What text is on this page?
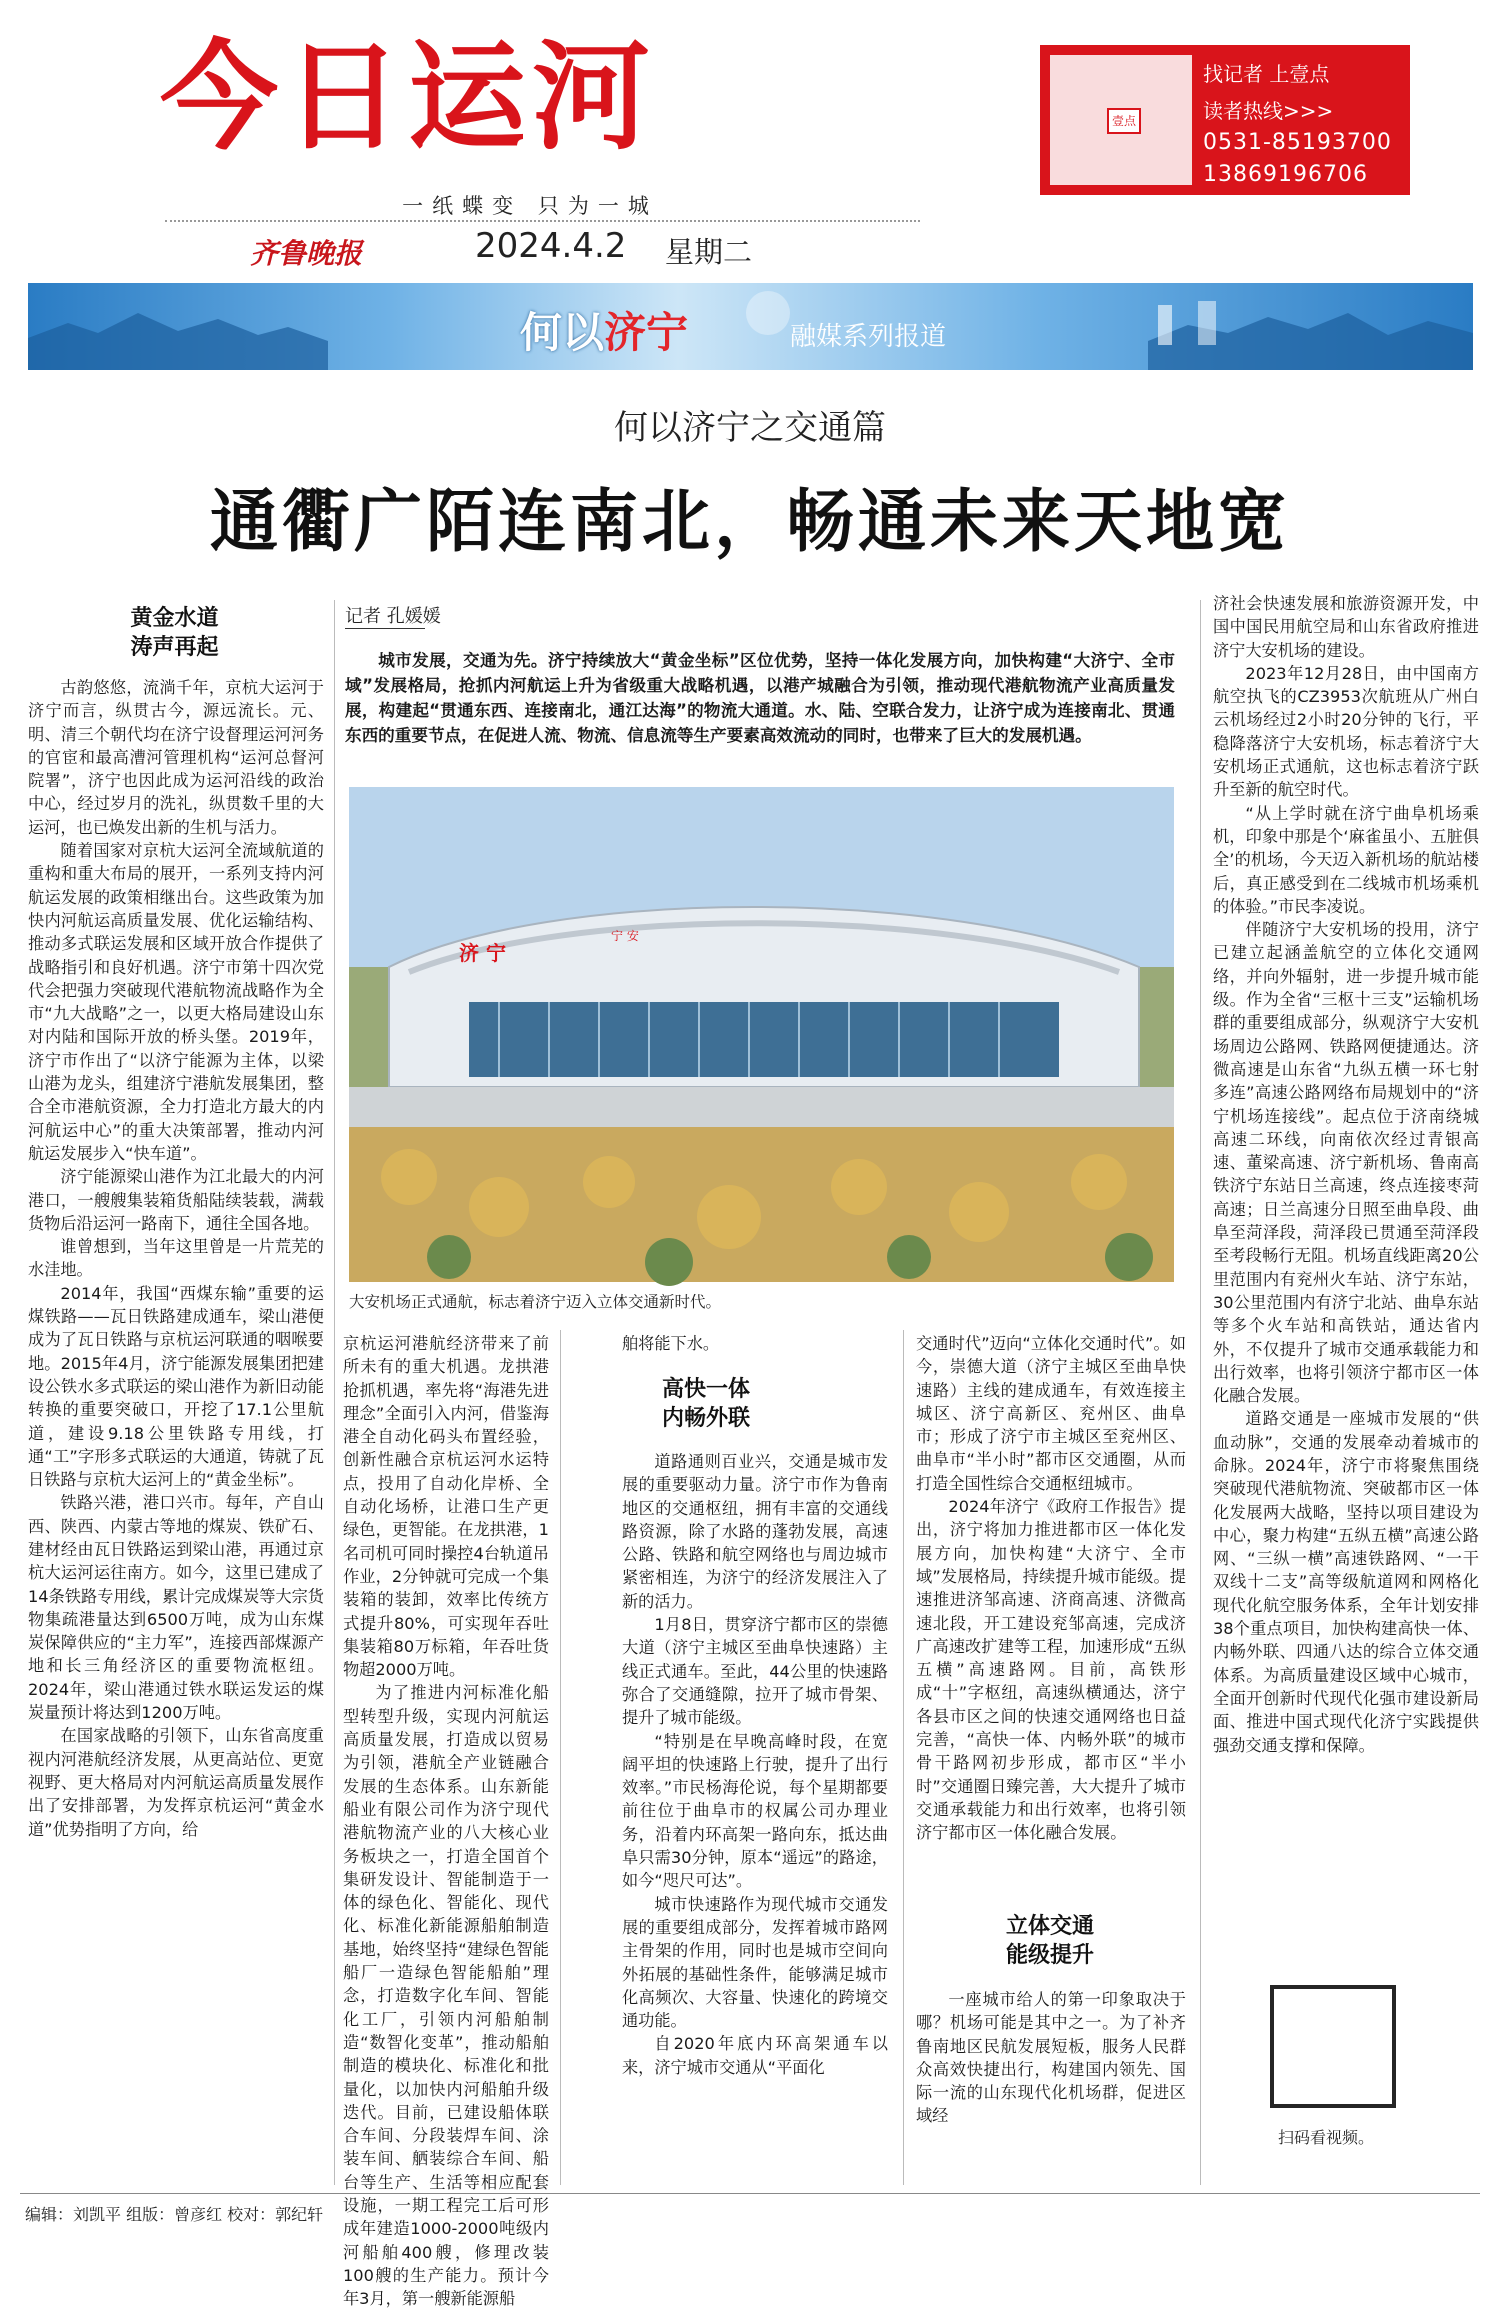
今日运河
一纸蝶变 只为一城
齐鲁晚报	2024.4.2 星期二
壹点
找记者 上壹点
读者热线>>>
0531-85193700
13869196706
何以济宁	融媒系列报道
何以济宁之交通篇
通衢广陌连南北，畅通未来天地宽
黄金水道
涛声再起

古韵悠悠，流淌千年，京杭大运河于济宁而言，纵贯古今，源远流长。元、明、清三个朝代均在济宁设督理运河河务的官宦和最高漕河管理机构“运河总督河院署”，济宁也因此成为运河沿线的政治中心，经过岁月的洗礼，纵贯数千里的大运河，也已焕发出新的生机与活力。

随着国家对京杭大运河全流域航道的重构和重大布局的展开，一系列支持内河航运发展的政策相继出台。这些政策为加快内河航运高质量发展、优化运输结构、推动多式联运发展和区域开放合作提供了战略指引和良好机遇。济宁市第十四次党代会把强力突破现代港航物流战略作为全市“九大战略”之一，以更大格局建设山东对内陆和国际开放的桥头堡。2019年，济宁市作出了“以济宁能源为主体，以梁山港为龙头，组建济宁港航发展集团，整合全市港航资源，全力打造北方最大的内河航运中心”的重大决策部署，推动内河航运发展步入“快车道”。

济宁能源梁山港作为江北最大的内河港口，一艘艘集装箱货船陆续装载，满载货物后沿运河一路南下，通往全国各地。

谁曾想到，当年这里曾是一片荒芜的水洼地。

2014年，我国“西煤东输”重要的运煤铁路——瓦日铁路建成通车，梁山港便成为了瓦日铁路与京杭运河联通的咽喉要地。2015年4月，济宁能源发展集团把建设公铁水多式联运的梁山港作为新旧动能转换的重要突破口，开挖了17.1公里航道，建设9.18公里铁路专用线，打通“工”字形多式联运的大通道，铸就了瓦日铁路与京杭大运河上的“黄金坐标”。

铁路兴港，港口兴市。每年，产自山西、陕西、内蒙古等地的煤炭、铁矿石、建材经由瓦日铁路运到梁山港，再通过京杭大运河运往南方。如今，这里已建成了14条铁路专用线，累计完成煤炭等大宗货物集疏港量达到6500万吨，成为山东煤炭保障供应的“主力军”，连接西部煤源产地和长三角经济区的重要物流枢纽。2024年，梁山港通过铁水联运发运的煤炭量预计将达到1200万吨。

在国家战略的引领下，山东省高度重视内河港航经济发展，从更高站位、更宽视野、更大格局对内河航运高质量发展作出了安排部署，为发挥京杭运河“黄金水道”优势指明了方向，给

记者 孔媛媛
城市发展，交通为先。济宁持续放大“黄金坐标”区位优势，坚持一体化发展方向，加快构建“大济宁、全市域”发展格局，抢抓内河航运上升为省级重大战略机遇，以港产城融合为引领，推动现代港航物流产业高质量发展，构建起“贯通东西、连接南北，通江达海”的物流大通道。水、陆、空联合发力，让济宁成为连接南北、贯通东西的重要节点，在促进人流、物流、信息流等生产要素高效流动的同时，也带来了巨大的发展机遇。
济 宁
宁 安
大安机场正式通航，标志着济宁迈入立体交通新时代。

京杭运河港航经济带来了前所未有的重大机遇。龙拱港抢抓机遇，率先将“海港先进理念”全面引入内河，借鉴海港全自动化码头布置经验，创新性融合京杭运河水运特点，投用了自动化岸桥、全自动化场桥，让港口生产更绿色，更智能。在龙拱港，1名司机可同时操控4台轨道吊作业，2分钟就可完成一个集装箱的装卸，效率比传统方式提升80%，可实现年吞吐集装箱80万标箱，年吞吐货物超2000万吨。

为了推进内河标准化船型转型升级，实现内河航运高质量发展，打造成以贸易为引领，港航全产业链融合发展的生态体系。山东新能船业有限公司作为济宁现代港航物流产业的八大核心业务板块之一，打造全国首个集研发设计、智能制造于一体的绿色化、智能化、现代化、标准化新能源船舶制造基地，始终坚持“建绿色智能船厂一造绿色智能船舶”理念，打造数字化车间、智能化工厂，引领内河船舶制造“数智化变革”，推动船舶制造的模块化、标准化和批量化，以加快内河船舶升级迭代。目前，已建设船体联合车间、分段装焊车间、涂装车间、舾装综合车间、船台等生产、生活等相应配套设施，一期工程完工后可形成年建造1000-2000吨级内河船舶400艘，修理改装100艘的生产能力。预计今年3月，第一艘新能源船

舶将能下水。
高快一体
内畅外联

道路通则百业兴，交通是城市发展的重要驱动力量。济宁市作为鲁南地区的交通枢纽，拥有丰富的交通线路资源，除了水路的蓬勃发展，高速公路、铁路和航空网络也与周边城市紧密相连，为济宁的经济发展注入了新的活力。

1月8日，贯穿济宁都市区的崇德大道（济宁主城区至曲阜快速路）主线正式通车。至此，44公里的快速路弥合了交通缝隙，拉开了城市骨架、提升了城市能级。

“特别是在早晚高峰时段，在宽阔平坦的快速路上行驶，提升了出行效率。”市民杨海伦说，每个星期都要前往位于曲阜市的权属公司办理业务，沿着内环高架一路向东，抵达曲阜只需30分钟，原本“遥远”的路途，如今“咫尺可达”。

城市快速路作为现代城市交通发展的重要组成部分，发挥着城市路网主骨架的作用，同时也是城市空间向外拓展的基础性条件，能够满足城市化高频次、大容量、快速化的跨境交通功能。

自2020年底内环高架通车以来，济宁城市交通从“平面化

交通时代”迈向“立体化交通时代”。如今，崇德大道（济宁主城区至曲阜快速路）主线的建成通车，有效连接主城区、济宁高新区、兖州区、曲阜市；形成了济宁市主城区至兖州区、曲阜市“半小时”都市区交通圈，从而打造全国性综合交通枢纽城市。

2024年济宁《政府工作报告》提出，济宁将加力推进都市区一体化发展方向，加快构建“大济宁、全市域”发展格局，持续提升城市能级。提速推进济邹高速、济商高速、济微高速北段，开工建设兖邹高速，完成济广高速改扩建等工程，加速形成“五纵五横”高速路网。目前，高铁形成“十”字枢纽，高速纵横通达，济宁各县市区之间的快速交通网络也日益完善，“高快一体、内畅外联”的城市骨干路网初步形成，都市区“半小时”交通圈日臻完善，大大提升了城市交通承载能力和出行效率，也将引领济宁都市区一体化融合发展。

立体交通
能级提升

一座城市给人的第一印象取决于哪？机场可能是其中之一。为了补齐鲁南地区民航发展短板，服务人民群众高效快捷出行，构建国内领先、国际一流的山东现代化机场群，促进区域经

济社会快速发展和旅游资源开发，中国中国民用航空局和山东省政府推进济宁大安机场的建设。

2023年12月28日，由中国南方航空执飞的CZ3953次航班从广州白云机场经过2小时20分钟的飞行，平稳降落济宁大安机场，标志着济宁大安机场正式通航，这也标志着济宁跃升至新的航空时代。

“从上学时就在济宁曲阜机场乘机，印象中那是个‘麻雀虽小、五脏俱全’的机场，今天迈入新机场的航站楼后，真正感受到在二线城市机场乘机的体验。”市民李凌说。

伴随济宁大安机场的投用，济宁已建立起涵盖航空的立体化交通网络，并向外辐射，进一步提升城市能级。作为全省“三枢十三支”运输机场群的重要组成部分，纵观济宁大安机场周边公路网、铁路网便捷通达。济微高速是山东省“九纵五横一环七射多连”高速公路网络布局规划中的“济宁机场连接线”。起点位于济南绕城高速二环线，向南依次经过青银高速、董梁高速、济宁新机场、鲁南高铁济宁东站日兰高速，终点连接枣菏高速；日兰高速分日照至曲阜段、曲阜至菏泽段，菏泽段已贯通至菏泽段至考段畅行无阻。机场直线距离20公里范围内有兖州火车站、济宁东站，30公里范围内有济宁北站、曲阜东站等多个火车站和高铁站，通达省内外，不仅提升了城市交通承载能力和出行效率，也将引领济宁都市区一体化融合发展。

道路交通是一座城市发展的“供血动脉”，交通的发展牵动着城市的命脉。2024年，济宁市将聚焦围绕突破现代港航物流、突破都市区一体化发展两大战略，坚持以项目建设为中心，聚力构建“五纵五横”高速公路网、“三纵一横”高速铁路网、“一干双线十二支”高等级航道网和网格化现代化航空服务体系，全年计划安排38个重点项目，加快构建高快一体、内畅外联、四通八达的综合立体交通体系。为高质量建设区域中心城市，全面开创新时代现代化强市建设新局面、推进中国式现代化济宁实践提供强劲交通支撑和保障。

扫码看视频。
编辑：刘凯平 组版：曾彦红 校对：郭纪轩
